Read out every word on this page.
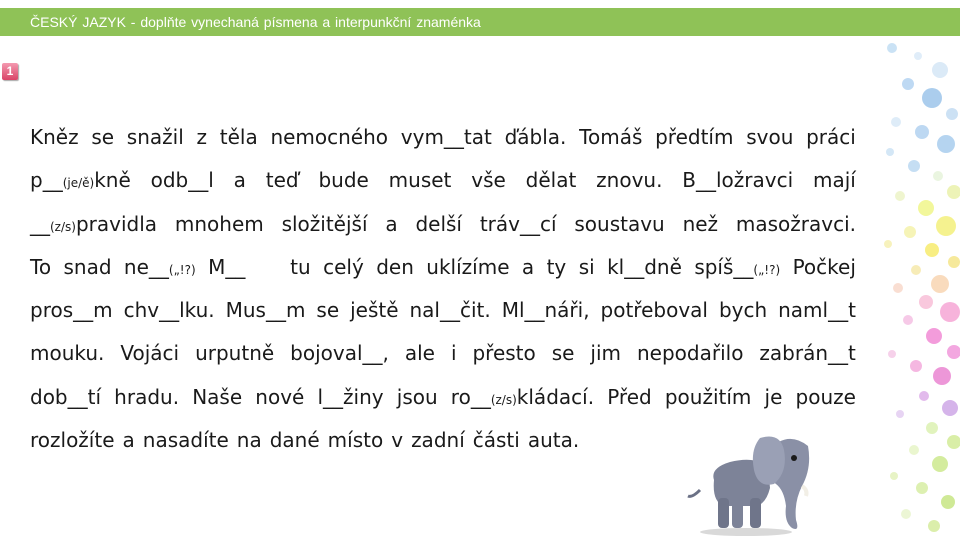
ČESKÝ JAZYK - doplňte vynechaná písmena a interpunkční znaménka
1
Kněz se snažil z těla nemocného vym__tat ďábla. Tomáš předtím svou práci
p__(je/ě)kně odb__l a teď bude muset vše dělat znovu. B__ložravci mají
__(z/s)pravidla mnohem složitější a delší tráv__cí soustavu než masožravci.
To snad ne__(„!?) M__ tu celý den uklízíme a ty si kl__dně spíš__(„!?) Počkej
pros__m chv__lku. Mus__m se ještě nal__čit. Ml__náři, potřeboval bych naml__t
mouku. Vojáci urputně bojoval__, ale i přesto se jim nepodařilo zabrán__t
dob__tí hradu. Naše nové l__žiny jsou ro__(z/s)kládací. Před použitím je pouze
rozložíte a nasadíte na dané místo v zadní části auta.
